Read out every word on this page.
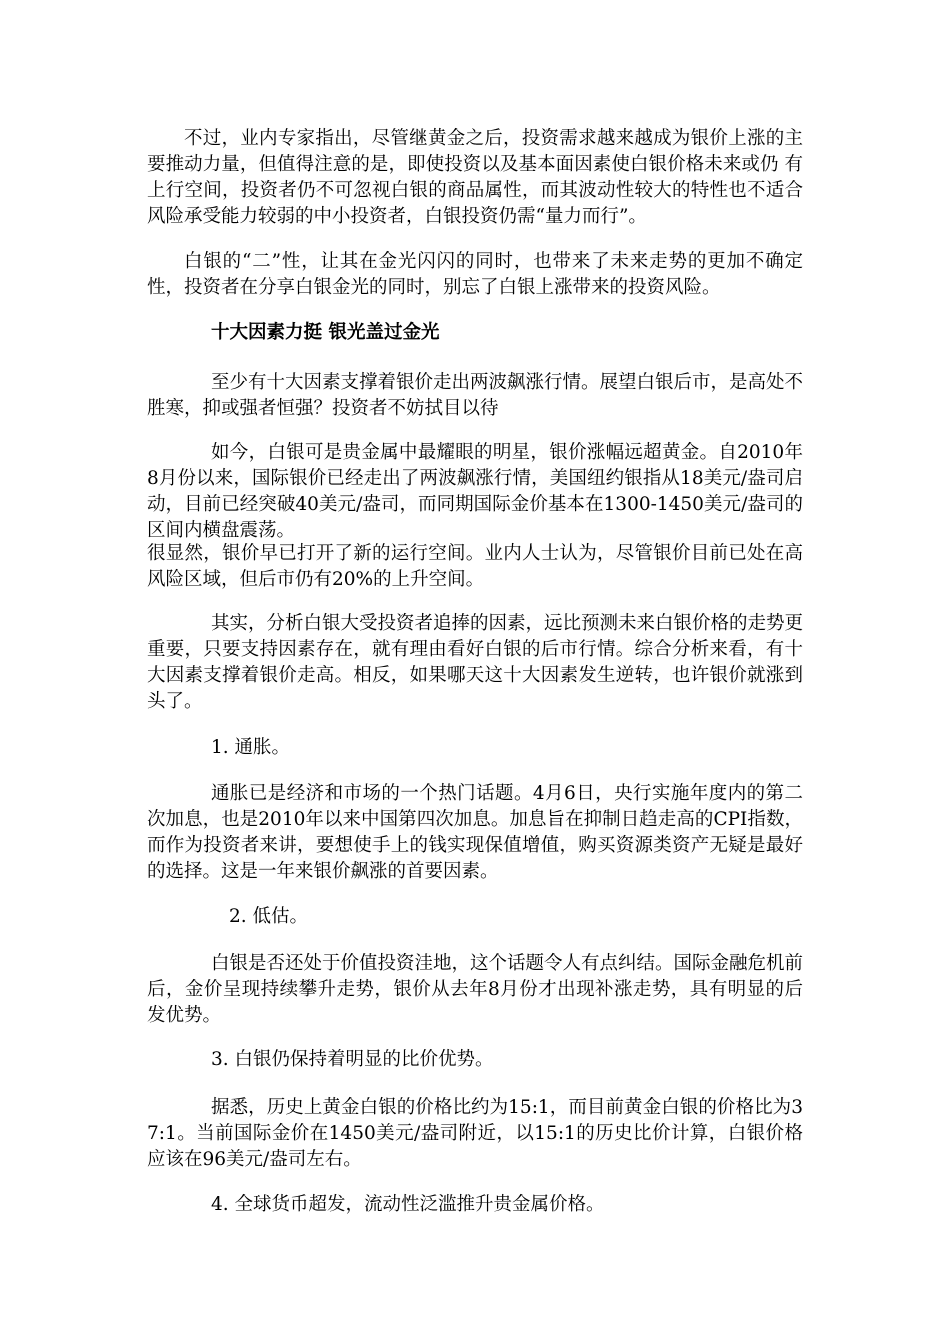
不过，业内专家指出，尽管继黄金之后，投资需求越来越成为银价上涨的主要推动力量，但值得注意的是，即使投资以及基本面因素使白银价格未来或仍 有上行空间，投资者仍不可忽视白银的商品属性，而其波动性较大的特性也不适合风险承受能力较弱的中小投资者，白银投资仍需“量力而行”。

白银的“二”性，让其在金光闪闪的同时，也带来了未来走势的更加不确定性，投资者在分享白银金光的同时，别忘了白银上涨带来的投资风险。

十大因素力挺 银光盖过金光

至少有十大因素支撑着银价走出两波飙涨行情。展望白银后市，是高处不胜寒，抑或强者恒强？投资者不妨拭目以待

如今，白银可是贵金属中最耀眼的明星，银价涨幅远超黄金。自2010年8月份以来，国际银价已经走出了两波飙涨行情，美国纽约银指从18美元/盎司启动，目前已经突破40美元/盎司，而同期国际金价基本在1300-1450美元/盎司的区间内横盘震荡。

很显然，银价早已打开了新的运行空间。业内人士认为，尽管银价目前已处在高风险区域，但后市仍有20%的上升空间。

其实，分析白银大受投资者追捧的因素，远比预测未来白银价格的走势更重要，只要支持因素存在，就有理由看好白银的后市行情。综合分析来看，有十大因素支撑着银价走高。相反，如果哪天这十大因素发生逆转，也许银价就涨到头了。

1. 通胀。

通胀已是经济和市场的一个热门话题。4月6日，央行实施年度内的第二次加息，也是2010年以来中国第四次加息。加息旨在抑制日趋走高的CPI指数，而作为投资者来讲，要想使手上的钱实现保值增值，购买资源类资产无疑是最好的选择。这是一年来银价飙涨的首要因素。

2. 低估。

白银是否还处于价值投资洼地，这个话题令人有点纠结。国际金融危机前后，金价呈现持续攀升走势，银价从去年8月份才出现补涨走势，具有明显的后发优势。

3. 白银仍保持着明显的比价优势。

据悉，历史上黄金白银的价格比约为15:1，而目前黄金白银的价格比为37:1。当前国际金价在1450美元/盎司附近，以15:1的历史比价计算，白银价格应该在96美元/盎司左右。

4. 全球货币超发，流动性泛滥推升贵金属价格。
